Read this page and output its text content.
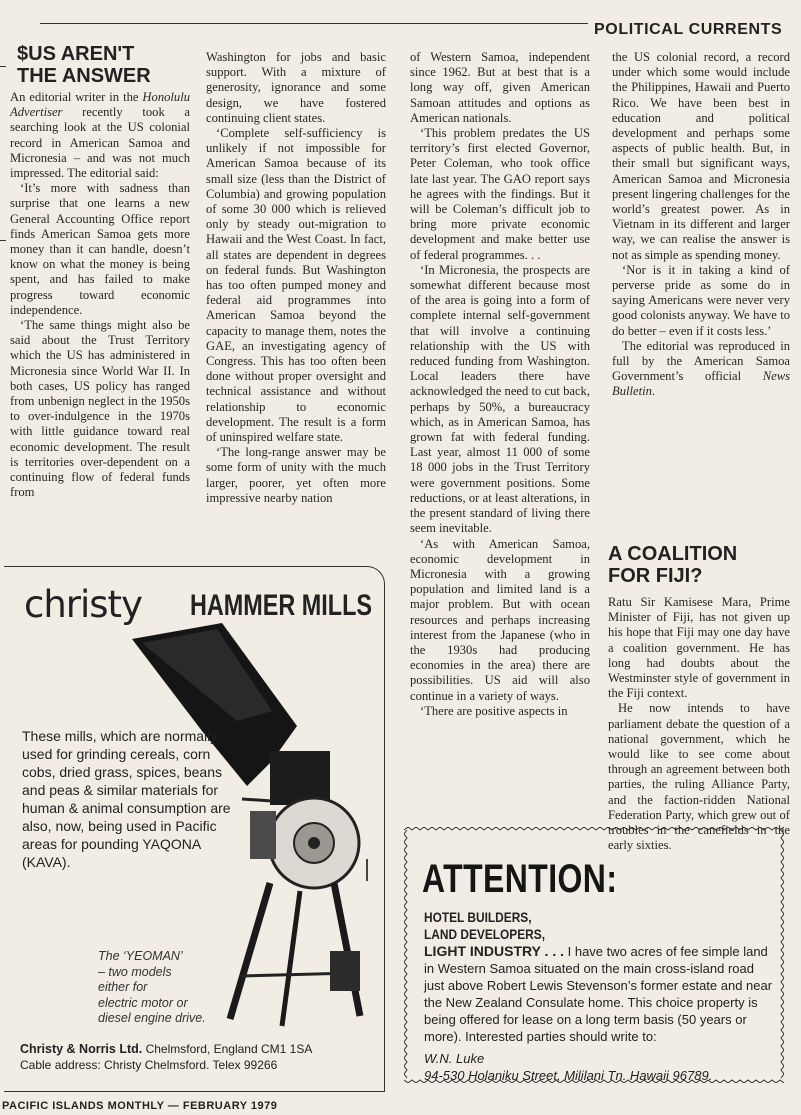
POLITICAL CURRENTS
$US AREN'T
THE ANSWER

An editorial writer in the Honolulu Advertiser recently took a searching look at the US colonial record in American Samoa and Micronesia – and was not much impressed. The editorial said:

‘It’s more with sadness than surprise that one learns a new General Accounting Office report finds American Samoa gets more money than it can handle, doesn’t know on what the money is being spent, and has failed to make progress toward economic independence.

‘The same things might also be said about the Trust Territory which the US has administered in Micronesia since World War II. In both cases, US policy has ranged from unbenign neglect in the 1950s to over-indulgence in the 1970s with little guidance toward real economic development. The result is territories over-dependent on a continuing flow of federal funds from

Washington for jobs and basic support. With a mixture of generosity, ignorance and some design, we have fostered continuing client states.

‘Complete self-sufficiency is unlikely if not impossible for American Samoa because of its small size (less than the District of Columbia) and growing population of some 30 000 which is relieved only by steady out-migration to Hawaii and the West Coast. In fact, all states are dependent in degrees on federal funds. But Washington has too often pumped money and federal aid programmes into American Samoa beyond the capacity to manage them, notes the GAE, an investigating agency of Congress. This has too often been done without proper oversight and technical assistance and without relationship to economic development. The result is a form of uninspired welfare state.

‘The long-range answer may be some form of unity with the much larger, poorer, yet often more impressive nearby nation

of Western Samoa, independent since 1962. But at best that is a long way off, given American Samoan attitudes and options as American nationals.

‘This problem predates the US territory’s first elected Governor, Peter Coleman, who took office late last year. The GAO report says he agrees with the findings. But it will be Coleman’s difficult job to bring more private economic development and make better use of federal programmes. . .

‘In Micronesia, the prospects are somewhat different because most of the area is going into a form of complete internal self-government that will involve a continuing relationship with the US with reduced funding from Washington. Local leaders there have acknowledged the need to cut back, perhaps by 50%, a bureaucracy which, as in American Samoa, has grown fat with federal funding. Last year, almost 11 000 of some 18 000 jobs in the Trust Territory were government positions. Some reductions, or at least alterations, in the present standard of living there seem inevitable.

‘As with American Samoa, economic development in Micronesia with a growing population and limited land is a major problem. But with ocean resources and perhaps increasing interest from the Japanese (who in the 1930s had producing economies in the area) there are possibilities. US aid will also continue in a variety of ways.

‘There are positive aspects in

the US colonial record, a record under which some would include the Philippines, Hawaii and Puerto Rico. We have been best in education and political development and perhaps some aspects of public health. But, in their small but significant ways, American Samoa and Micronesia present lingering challenges for the world’s greatest power. As in Vietnam in its different and larger way, we can realise the answer is not as simple as spending money.

‘Nor is it in taking a kind of perverse pride as some do in saying Americans were never very good colonists anyway. We have to do better – even if it costs less.’

The editorial was reproduced in full by the American Samoa Government’s official News Bulletin.

A COALITION
FOR FIJI?

Ratu Sir Kamisese Mara, Prime Minister of Fiji, has not given up his hope that Fiji may one day have a coalition government. He has long had doubts about the Westminster style of government in the Fiji context.

He now intends to have parliament debate the question of a national government, which he would like to see come about through an agreement between both parties, the ruling Alliance Party, and the faction-ridden National Federation Party, which grew out of troubles in the canefields in the early sixties.

christy HAMMER MILLS
These mills, which are normally used for grinding cereals, corn cobs, dried grass, spices, beans and peas & similar materials for human & animal consumption are also, now, being used in Pacific areas for pounding YAQONA (KAVA).
The ‘YEOMAN’
– two models
either for
electric motor or
diesel engine drive.
Christy & Norris Ltd. Chelmsford, England CM1 1SA
Cable address: Christy Chelmsford. Telex 99266
ATTENTION:
HOTEL BUILDERS,
LAND DEVELOPERS,
LIGHT INDUSTRY . . . I have two acres of fee simple land in Western Samoa situated on the main cross-island road just above Robert Lewis Stevenson’s former estate and near the New Zealand Consulate home. This choice property is being offered for lease on a long term basis (50 years or more). Interested parties should write to:
W.N. Luke
94-530 Holaniku Street, Mililani Tn. Hawaii 96789.
PACIFIC ISLANDS MONTHLY — FEBRUARY 1979
